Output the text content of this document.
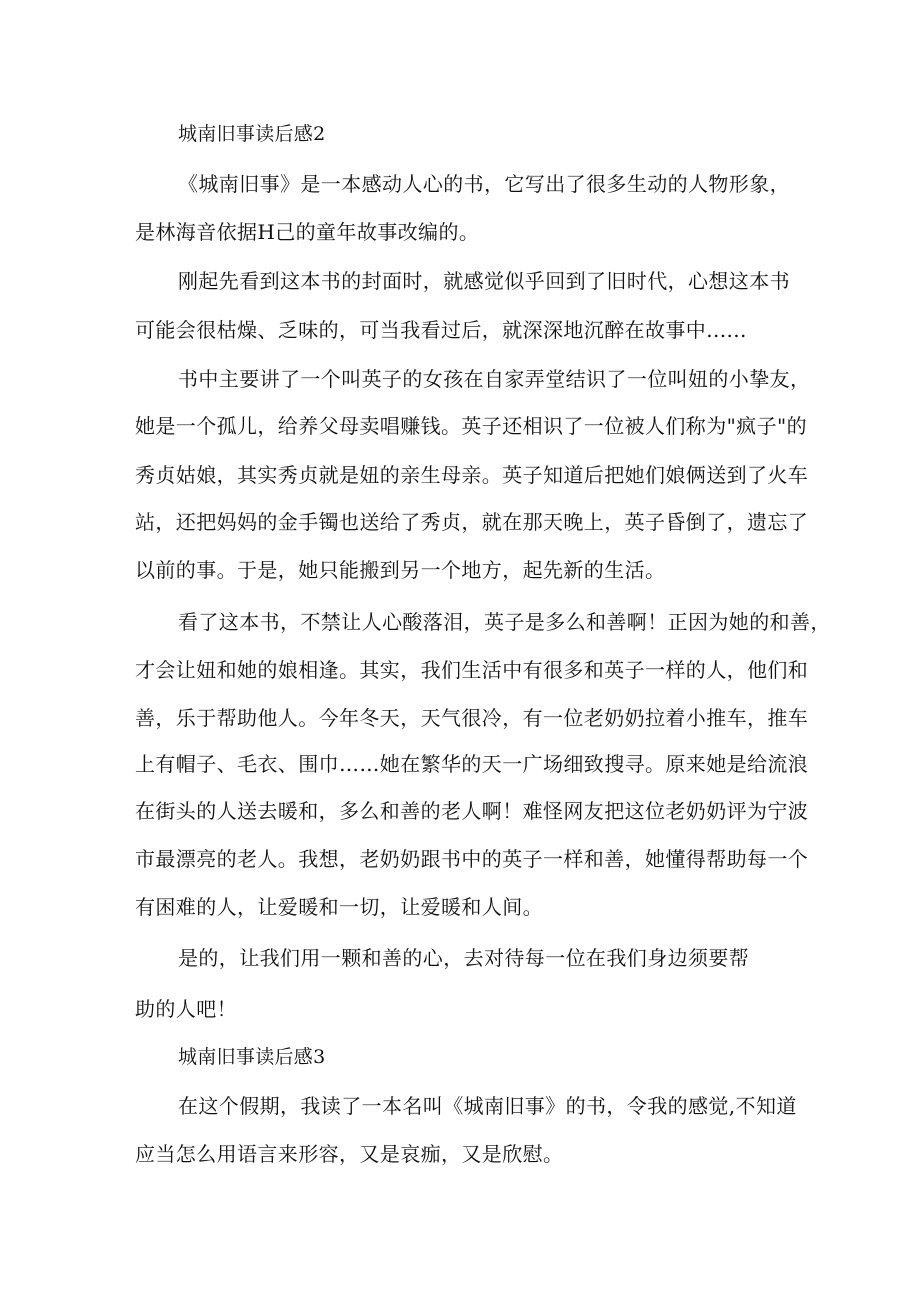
城南旧事读后感2
《城南旧事》是一本感动人心的书，它写出了很多生动的人物形象，
是林海音依据H己的童年故事改编的。
刚起先看到这本书的封面时，就感觉似乎回到了旧时代，心想这本书
可能会很枯燥、乏味的，可当我看过后，就深深地沉醉在故事中......
书中主要讲了一个叫英子的女孩在自家弄堂结识了一位叫妞的小挚友，
她是一个孤儿，给养父母卖唱赚钱。英子还相识了一位被人们称为"疯子"的
秀贞姑娘，其实秀贞就是妞的亲生母亲。英子知道后把她们娘俩送到了火车
站，还把妈妈的金手镯也送给了秀贞，就在那天晚上，英子昏倒了，遗忘了
以前的事。于是，她只能搬到另一个地方，起先新的生活。
看了这本书，不禁让人心酸落泪，英子是多么和善啊！正因为她的和善，
才会让妞和她的娘相逢。其实，我们生活中有很多和英子一样的人，他们和
善，乐于帮助他人。今年冬天，天气很冷，有一位老奶奶拉着小推车，推车
上有帽子、毛衣、围巾……她在繁华的天一广场细致搜寻。原来她是给流浪
在街头的人送去暖和，多么和善的老人啊！难怪网友把这位老奶奶评为宁波
市最漂亮的老人。我想，老奶奶跟书中的英子一样和善，她懂得帮助每一个
有困难的人，让爱暖和一切，让爱暖和人间。
是的，让我们用一颗和善的心，去对待每一位在我们身边须要帮
助的人吧！
城南旧事读后感3
在这个假期，我读了一本名叫《城南旧事》的书，令我的感觉,不知道
应当怎么用语言来形容，又是哀痂，又是欣慰。
